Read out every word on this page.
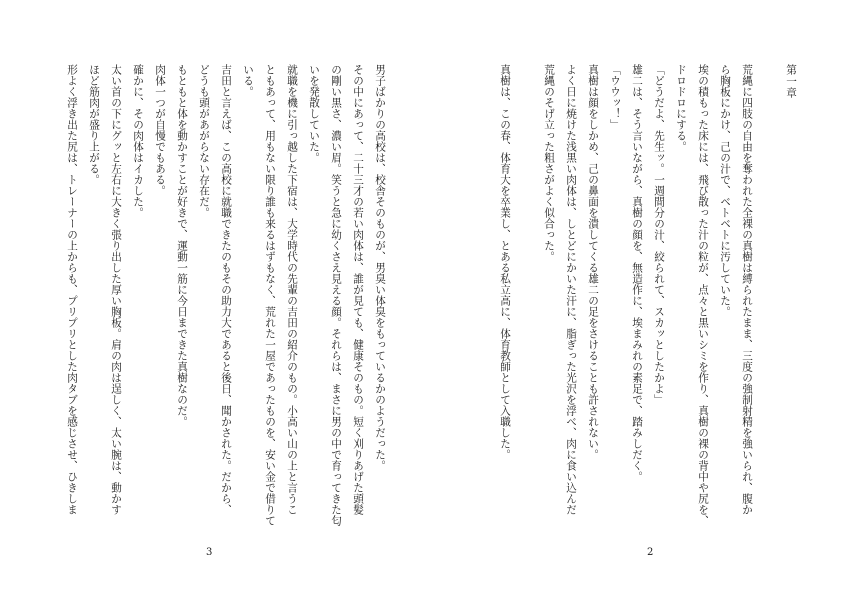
男子ばかりの高校は、校舎そのものが、男臭い体臭をもっているかのようだった。
その中にあって、二十三才の若い肉体は、誰が見ても、健康そのもの。短く刈りあげた頭髪
の剛い黒さ、濃い眉。笑うと急に幼くさえ見える顔。それらは、まさに男の中で育ってきた匂
いを発散していた。
就職を機に引っ越した下宿は、大学時代の先輩の吉田の紹介のもの。小高い山の上と言うこ
ともあって、用もない限り誰も来るはずもなく、荒れた一屋であったものを、安い金で借りて
いる。
吉田と言えば、この高校に就職できたのもその助力大であると後日、聞かされた。だから、
どうも頭があがらない存在だ。
もともと体を動かすことが好きで、運動一筋に今日まできた真樹なのだ。
肉体一つが自慢でもある。
確かに、その肉体はイカした。
太い首の下にグッと左右に大きく張り出した厚い胸板。肩の肉は逞しく、太い腕は、動かす
ほど筋肉が盛り上がる。
形よく浮き出た尻は、トレーナーの上からも、プリプリとした肉タブを感じさせ、ひきしま
3
第一章
荒縄に四肢の自由を奪われた全裸の真樹は縛られたまま、三度の強制射精を強いられ、腹か
ら胸板にかけ、己の汁で、ベトベトに汚していた。
埃の積もった床には、飛び散った汁の粒が、点々と黒いシミを作り、真樹の裸の背中や尻を、
ドロドロにする。
「どうだよ、先生ッ。一週間分の汁、絞られて、スカッとしたかよ」
雄二は、そう言いながら、真樹の顔を、無造作に、埃まみれの素足で、踏みしだく。
「ウウッ！」
真樹は顔をしかめ、己の鼻面を潰してくる雄二の足をさけることも許されない。
よく日に焼けた浅黒い肉体は、しとどにかいた汗に、脂ぎった光沢を浮べ、肉に食い込んだ
荒縄のそげ立った粗さがよく似合った。
真樹は、この春、体育大を卒業し、とある私立高に、体育教師として入職した。
2
